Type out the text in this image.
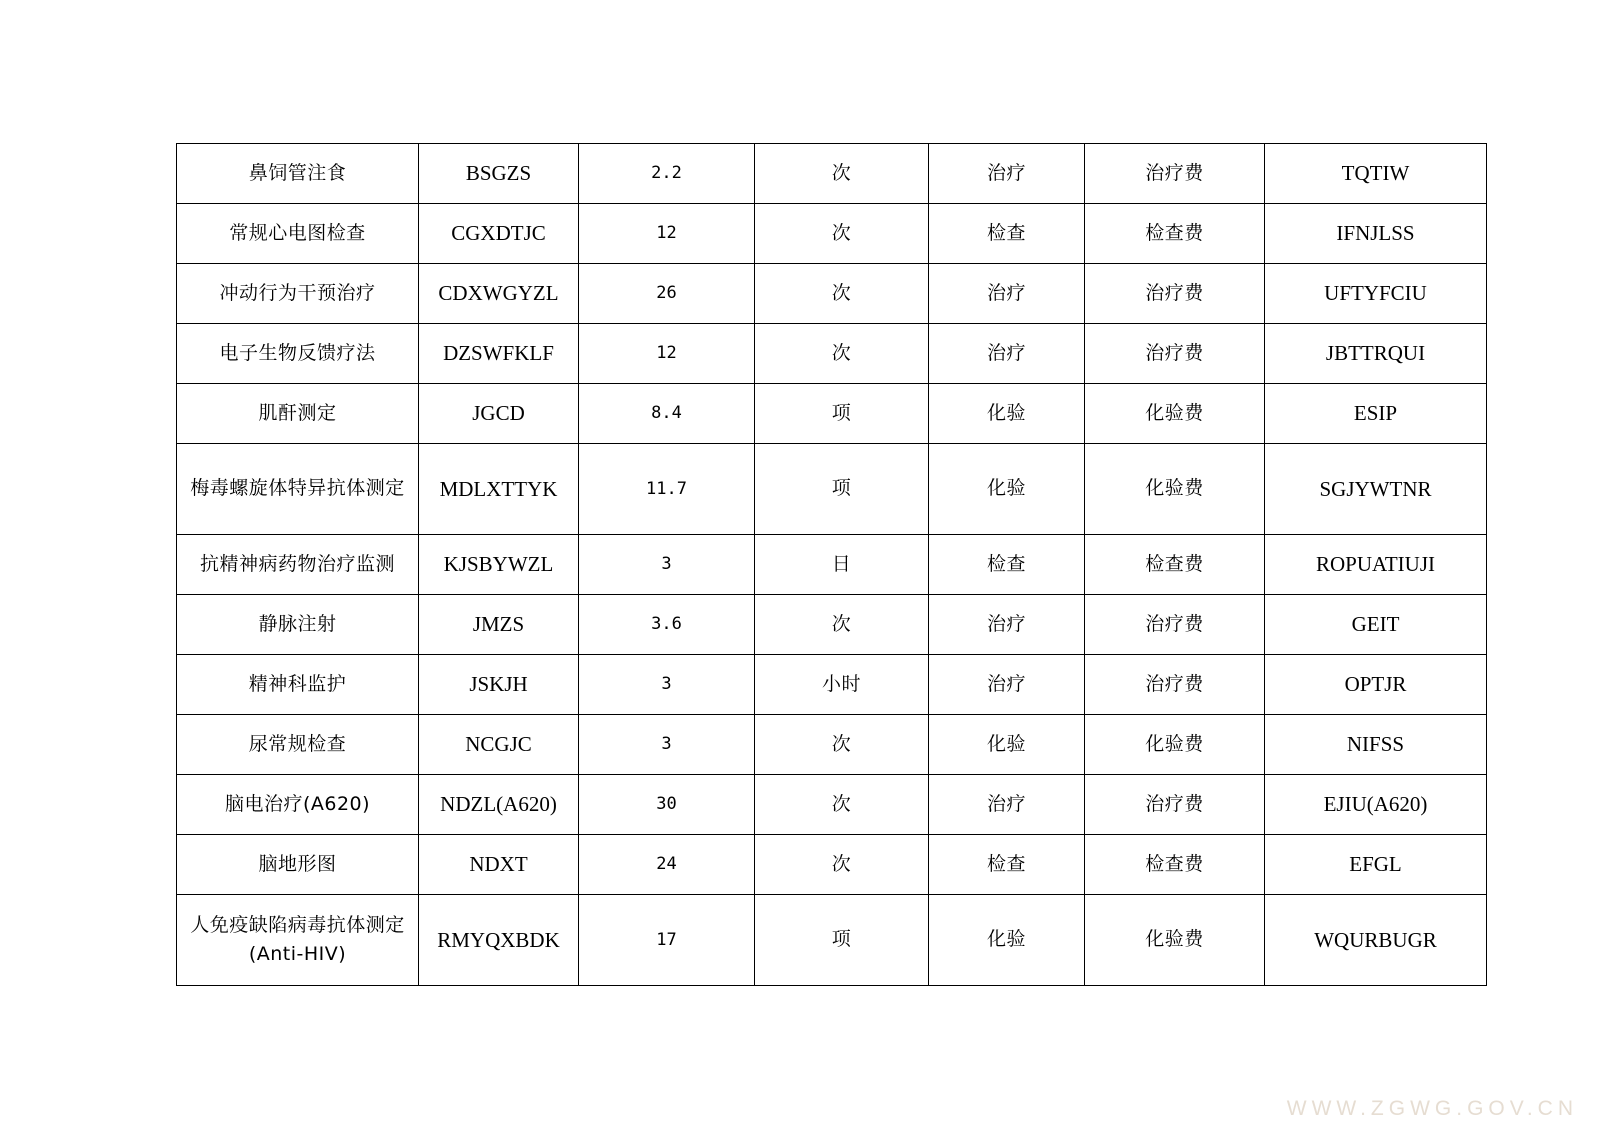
鼻饲管注食	BSGZS	2.2	次	治疗	治疗费	TQTIW
常规心电图检查	CGXDTJC	12	次	检查	检查费	IFNJLSS
冲动行为干预治疗	CDXWGYZL	26	次	治疗	治疗费	UFTYFCIU
电子生物反馈疗法	DZSWFKLF	12	次	治疗	治疗费	JBTTRQUI
肌酐测定	JGCD	8.4	项	化验	化验费	ESIP
梅毒螺旋体特异抗体测定	MDLXTTYK	11.7	项	化验	化验费	SGJYWTNR
抗精神病药物治疗监测	KJSBYWZL	3	日	检查	检查费	ROPUATIUJI
静脉注射	JMZS	3.6	次	治疗	治疗费	GEIT
精神科监护	JSKJH	3	小时	治疗	治疗费	OPTJR
尿常规检查	NCGJC	3	次	化验	化验费	NIFSS
脑电治疗(A620)	NDZL(A620)	30	次	治疗	治疗费	EJIU(A620)
脑地形图	NDXT	24	次	检查	检查费	EFGL
人免疫缺陷病毒抗体测定(Anti-HIV)	RMYQXBDK	17	项	化验	化验费	WQURBUGR
WWW.ZGWG.GOV.CN
